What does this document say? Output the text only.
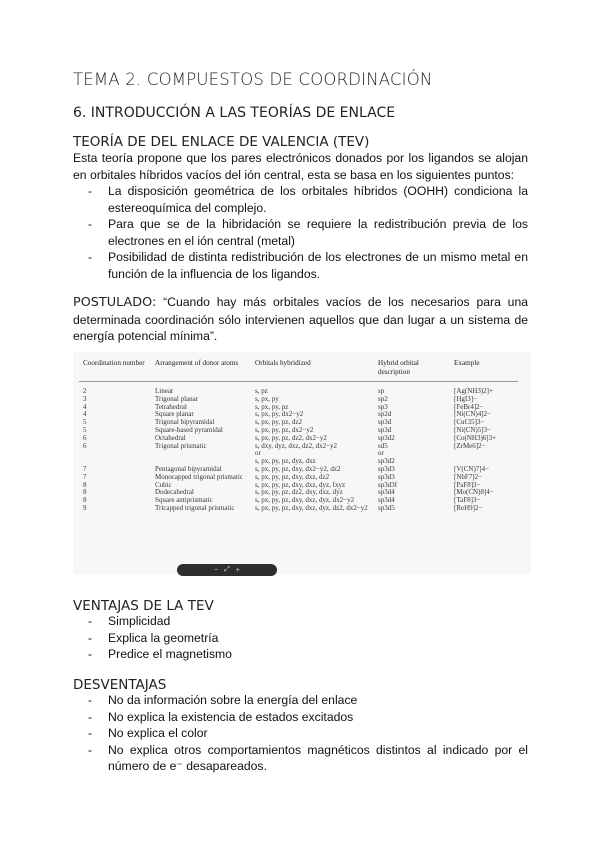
TEMA 2. COMPUESTOS DE COORDINACIÓN
6. INTRODUCCIÓN A LAS TEORÍAS DE ENLACE
TEORÍA DE DEL ENLACE DE VALENCIA (TEV)
Esta teoría propone que los pares electrónicos donados por los ligandos se alojan en orbitales híbridos vacíos del ión central, esta se basa en los siguientes puntos:
- La disposición geométrica de los orbitales híbridos (OOHH) condiciona la estereoquímica del complejo.
- Para que se de la hibridación se requiere la redistribución previa de los electrones en el ión central (metal)
- Posibilidad de distinta redistribución de los electrones de un mismo metal en función de la influencia de los ligandos.
POSTULADO: “Cuando hay más orbitales vacíos de los necesarios para una determinada coordinación sólo intervienen aquellos que dan lugar a un sistema de energía potencial mínima”.
Coordination number	Arrangement of donor atoms	Orbitals hybridized	Hybrid orbital description	Example
2	Linear	s, pz	sp	[Ag(NH3)2]+
3	Trigonal planar	s, px, py	sp2	[HgI3]−
4	Tetrahedral	s, px, py, pz	sp3	[FeBr4]2−
4	Square planar	s, px, py, dx2−y2	sp2d	[Ni(CN)4]2−
5	Trigonal bipyramidal	s, px, py, pz, dz2	sp3d	[CuCl5]3−
5	Square-based pyramidal	s, px, py, pz, dx2−y2	sp3d	[Ni(CN)5]3−
6	Octahedral	s, px, py, pz, dz2, dx2−y2	sp3d2	[Co(NH3)6]3+
6	Trigonal prismatic	s, dxy, dyz, dxz, dz2, dx2−y2	sd5	[ZrMe6]2−
		or	or	
		s, px, py, pz, dyz, dxz	sp3d2	
7	Pentagonal bipyramidal	s, px, py, pz, dxy, dx2−y2, dz2	sp3d3	[V(CN)7]4−
7	Monocapped trigonal prismatic	s, px, py, pz, dxy, dxz, dz2	sp3d3	[NbF7]2−
8	Cubic	s, px, py, pz, dxy, dxz, dyz, fxyz	sp3d3f	[PaF8]3−
8	Dodecahedral	s, px, py, pz, dz2, dxy, dxz, dyz	sp3d4	[Mo(CN)8]4−
8	Square antiprismatic	s, px, py, pz, dxy, dxz, dyz, dx2−y2	sp3d4	[TaF8]3−
9	Tricapped trigonal prismatic	s, px, py, pz, dxy, dxz, dyz, dz2, dx2−y2	sp3d5	[ReH9]2−
− ⤢ +
VENTAJAS DE LA TEV
- Simplicidad
- Explica la geometría
- Predice el magnetismo
DESVENTAJAS
- No da información sobre la energía del enlace
- No explica la existencia de estados excitados
- No explica el color
- No explica otros comportamientos magnéticos distintos al indicado por el número de e⁻ desapareados.
